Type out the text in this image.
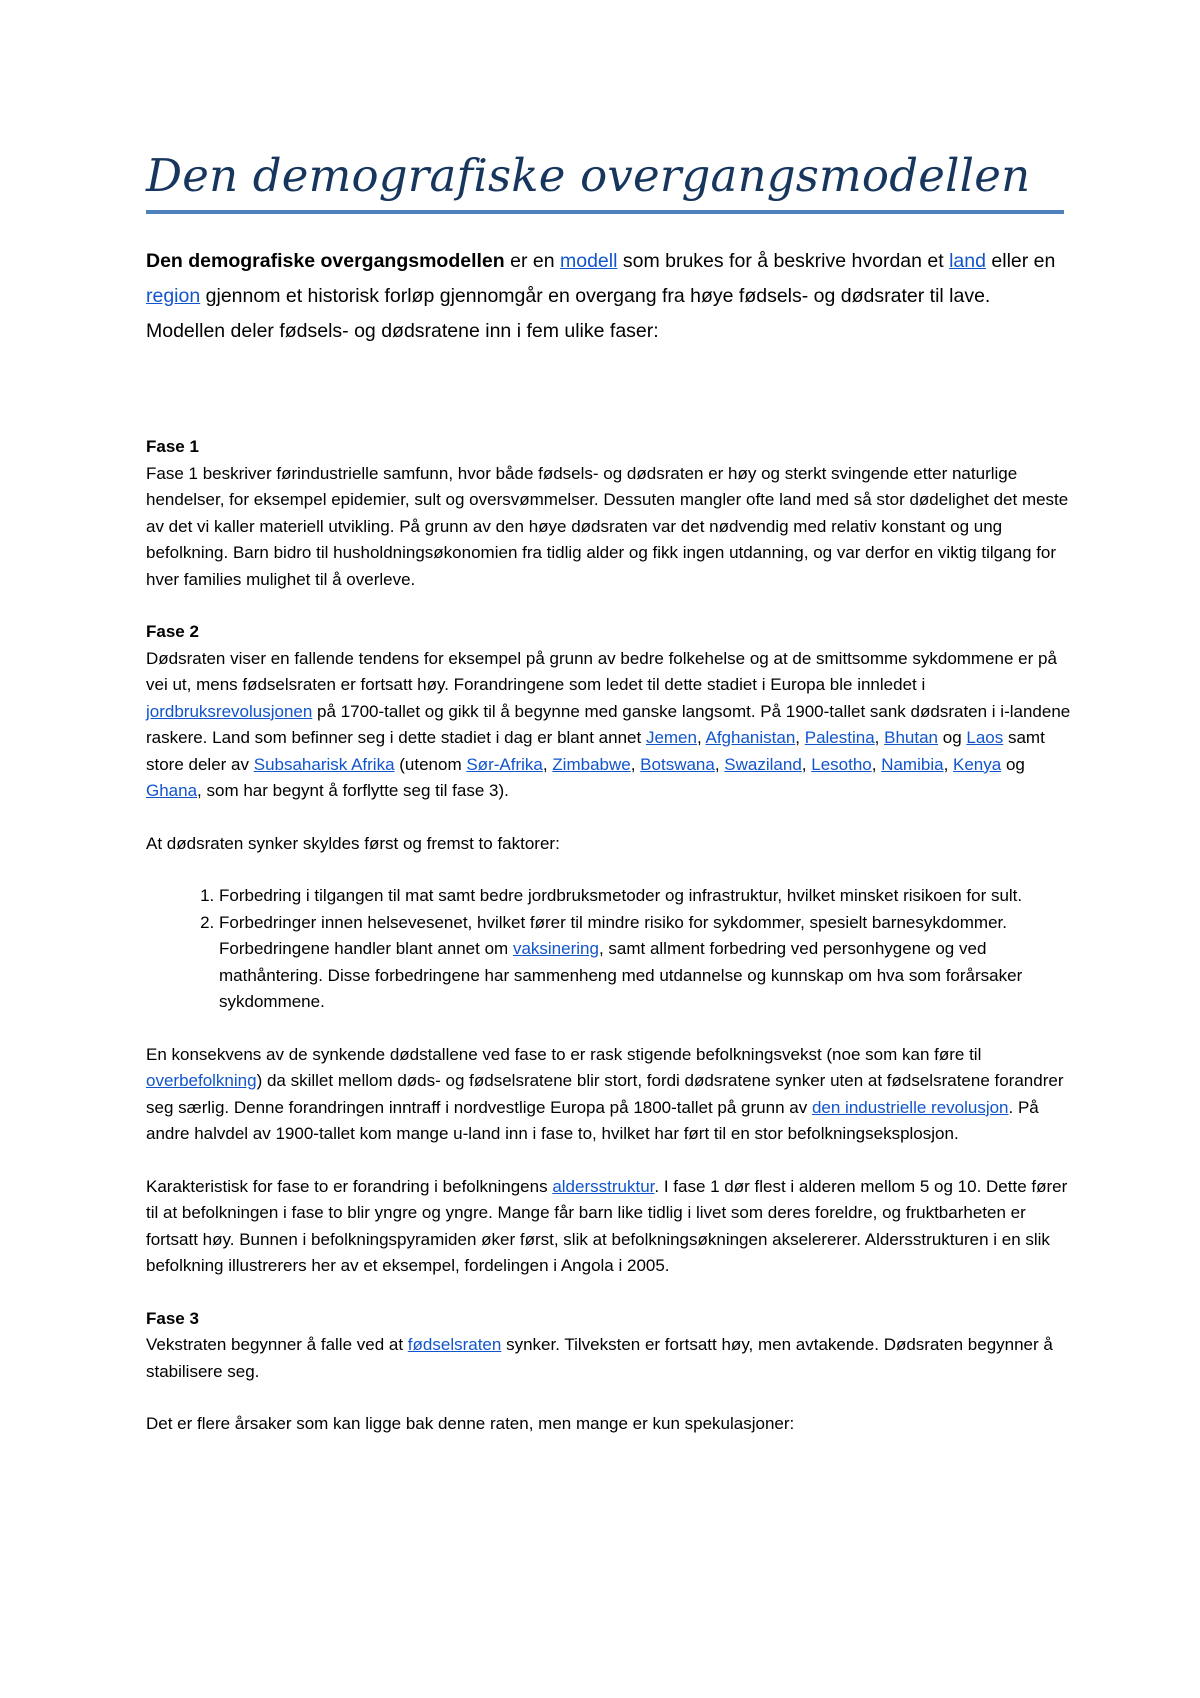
Den demografiske overgangsmodellen

Den demografiske overgangsmodellen er en modell som brukes for å beskrive hvordan et land eller en region gjennom et historisk forløp gjennomgår en overgang fra høye fødsels- og dødsrater til lave. Modellen deler fødsels- og dødsratene inn i fem ulike faser:

Fase 1

Fase 1 beskriver førindustrielle samfunn, hvor både fødsels- og dødsraten er høy og sterkt svingende etter naturlige hendelser, for eksempel epidemier, sult og oversvømmelser. Dessuten mangler ofte land med så stor dødelighet det meste av det vi kaller materiell utvikling. På grunn av den høye dødsraten var det nødvendig med relativ konstant og ung befolkning. Barn bidro til husholdningsøkonomien fra tidlig alder og fikk ingen utdanning, og var derfor en viktig tilgang for hver families mulighet til å overleve.

Fase 2

Dødsraten viser en fallende tendens for eksempel på grunn av bedre folkehelse og at de smittsomme sykdommene er på vei ut, mens fødselsraten er fortsatt høy. Forandringene som ledet til dette stadiet i Europa ble innledet i jordbruksrevolusjonen på 1700-tallet og gikk til å begynne med ganske langsomt. På 1900-tallet sank dødsraten i i-landene raskere. Land som befinner seg i dette stadiet i dag er blant annet Jemen, Afghanistan, Palestina, Bhutan og Laos samt store deler av Subsaharisk Afrika (utenom Sør-Afrika, Zimbabwe, Botswana, Swaziland, Lesotho, Namibia, Kenya og Ghana, som har begynt å forflytte seg til fase 3).

At dødsraten synker skyldes først og fremst to faktorer:

1. Forbedring i tilgangen til mat samt bedre jordbruksmetoder og infrastruktur, hvilket minsket risikoen for sult.
2. Forbedringer innen helsevesenet, hvilket fører til mindre risiko for sykdommer, spesielt barnesykdommer. Forbedringene handler blant annet om vaksinering, samt allment forbedring ved personhygene og ved mathåntering. Disse forbedringene har sammenheng med utdannelse og kunnskap om hva som forårsaker sykdommene.

En konsekvens av de synkende dødstallene ved fase to er rask stigende befolkningsvekst (noe som kan føre til overbefolkning) da skillet mellom døds- og fødselsratene blir stort, fordi dødsratene synker uten at fødselsratene forandrer seg særlig. Denne forandringen inntraff i nordvestlige Europa på 1800-tallet på grunn av den industrielle revolusjon. På andre halvdel av 1900-tallet kom mange u-land inn i fase to, hvilket har ført til en stor befolkningseksplosjon.

Karakteristisk for fase to er forandring i befolkningens aldersstruktur. I fase 1 dør flest i alderen mellom 5 og 10. Dette fører til at befolkningen i fase to blir yngre og yngre. Mange får barn like tidlig i livet som deres foreldre, og fruktbarheten er fortsatt høy. Bunnen i befolkningspyramiden øker først, slik at befolkningsøkningen akselererer. Aldersstrukturen i en slik befolkning illustrerers her av et eksempel, fordelingen i Angola i 2005.

Fase 3

Vekstraten begynner å falle ved at fødselsraten synker. Tilveksten er fortsatt høy, men avtakende. Dødsraten begynner å stabilisere seg.

Det er flere årsaker som kan ligge bak denne raten, men mange er kun spekulasjoner:
